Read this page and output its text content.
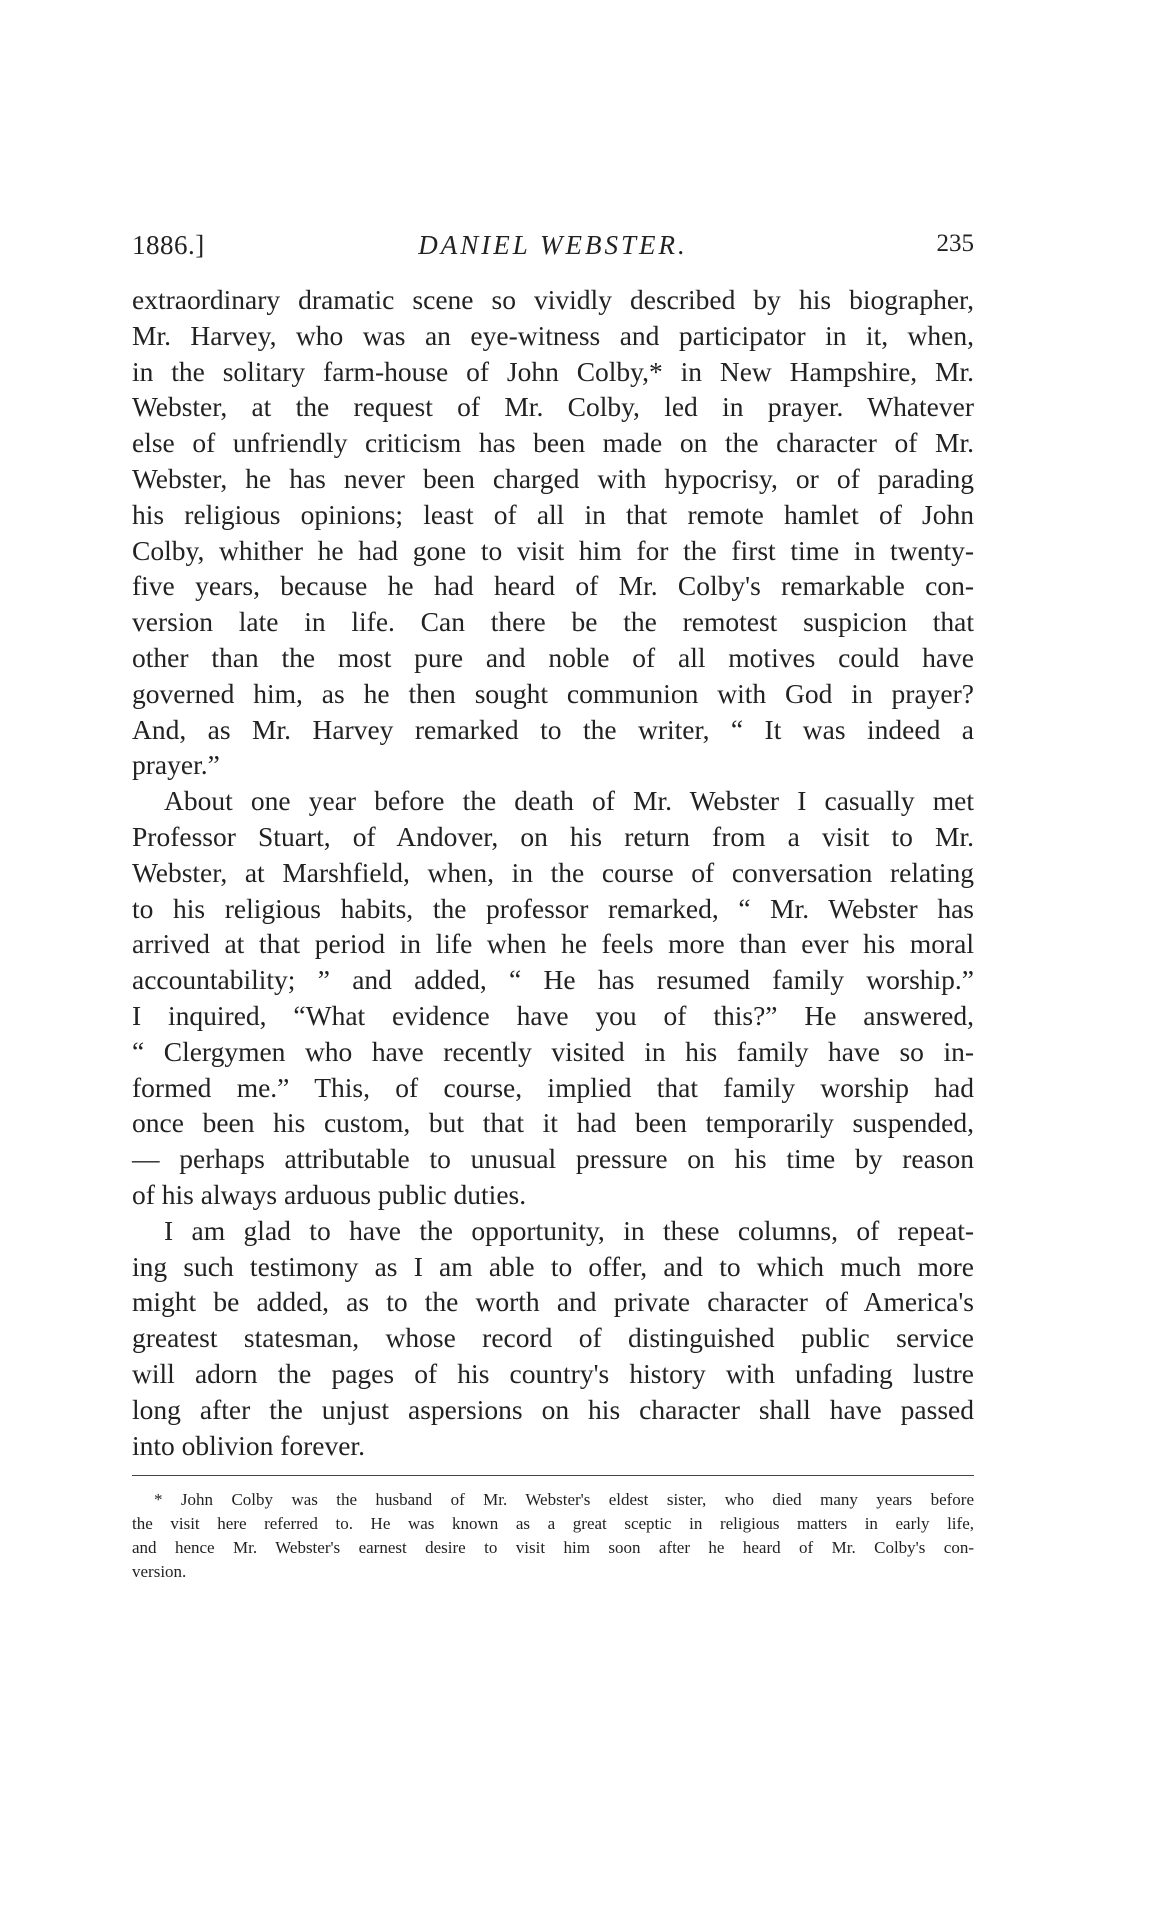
1886.]	DANIEL WEBSTER.	235
extraordinary dramatic scene so vividly described by his biographer,
Mr. Harvey, who was an eye-witness and participator in it, when,
in the solitary farm-house of John Colby,* in New Hampshire, Mr.
Webster, at the request of Mr. Colby, led in prayer. Whatever
else of unfriendly criticism has been made on the character of Mr.
Webster, he has never been charged with hypocrisy, or of parading
his religious opinions; least of all in that remote hamlet of John
Colby, whither he had gone to visit him for the first time in twenty-
five years, because he had heard of Mr. Colby's remarkable con-
version late in life. Can there be the remotest suspicion that
other than the most pure and noble of all motives could have
governed him, as he then sought communion with God in prayer?
And, as Mr. Harvey remarked to the writer, “ It was indeed a
prayer.”
About one year before the death of Mr. Webster I casually met
Professor Stuart, of Andover, on his return from a visit to Mr.
Webster, at Marshfield, when, in the course of conversation relating
to his religious habits, the professor remarked, “ Mr. Webster has
arrived at that period in life when he feels more than ever his moral
accountability; ” and added, “ He has resumed family worship.”
I inquired, “What evidence have you of this?” He answered,
“ Clergymen who have recently visited in his family have so in-
formed me.” This, of course, implied that family worship had
once been his custom, but that it had been temporarily suspended,
— perhaps attributable to unusual pressure on his time by reason
of his always arduous public duties.
I am glad to have the opportunity, in these columns, of repeat-
ing such testimony as I am able to offer, and to which much more
might be added, as to the worth and private character of America's
greatest statesman, whose record of distinguished public service
will adorn the pages of his country's history with unfading lustre
long after the unjust aspersions on his character shall have passed
into oblivion forever.
* John Colby was the husband of Mr. Webster's eldest sister, who died many years before
the visit here referred to. He was known as a great sceptic in religious matters in early life,
and hence Mr. Webster's earnest desire to visit him soon after he heard of Mr. Colby's con-
version.
